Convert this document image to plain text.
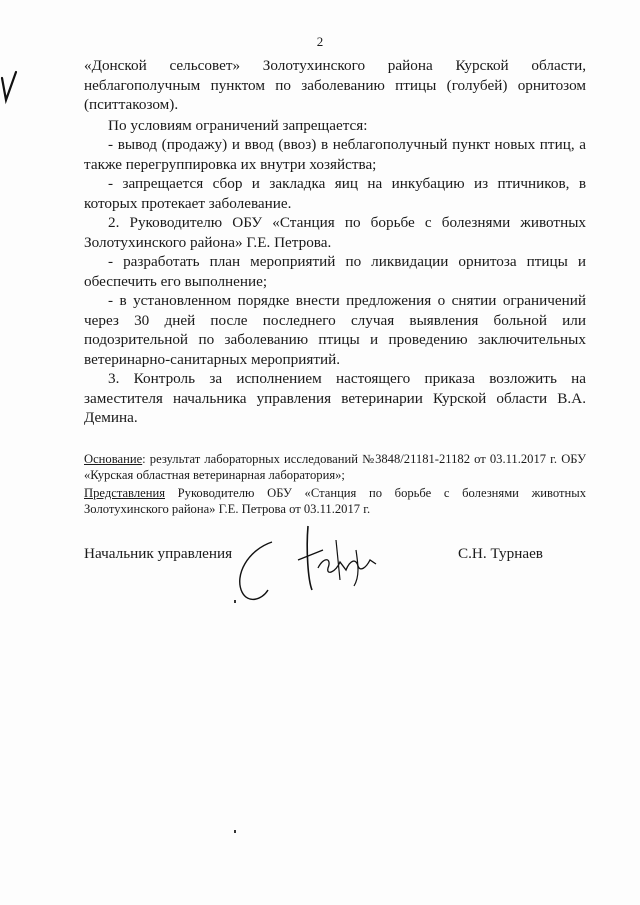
2

«Донской сельсовет» Золотухинского района Курской области, неблагополучным пунктом по заболеванию птицы (голубей) орнитозом (пситтакозом).

По условиям ограничений запрещается:

- вывод (продажу) и ввод (ввоз) в неблагополучный пункт новых птиц, а также перегруппировка их внутри хозяйства;

- запрещается сбор и закладка яиц на инкубацию из птичников, в которых протекает заболевание.

2. Руководителю ОБУ «Станция по борьбе с болезнями животных Золотухинского района» Г.Е. Петрова.

- разработать план мероприятий по ликвидации орнитоза птицы и обеспечить его выполнение;

- в установленном порядке внести предложения о снятии ограничений через 30 дней после последнего случая выявления больной или подозрительной по заболеванию птицы и проведению заключительных ветеринарно-санитарных мероприятий.

3. Контроль за исполнением настоящего приказа возложить на заместителя начальника управления ветеринарии Курской области В.А. Демина.

Основание: результат лабораторных исследований №3848/21181-21182 от 03.11.2017 г. ОБУ «Курская областная ветеринарная лаборатория»;

Представления Руководителю ОБУ «Станция по борьбе с болезнями животных Золотухинского района» Г.Е. Петрова от 03.11.2017 г.

Начальник управления	С.Н. Турнаев
